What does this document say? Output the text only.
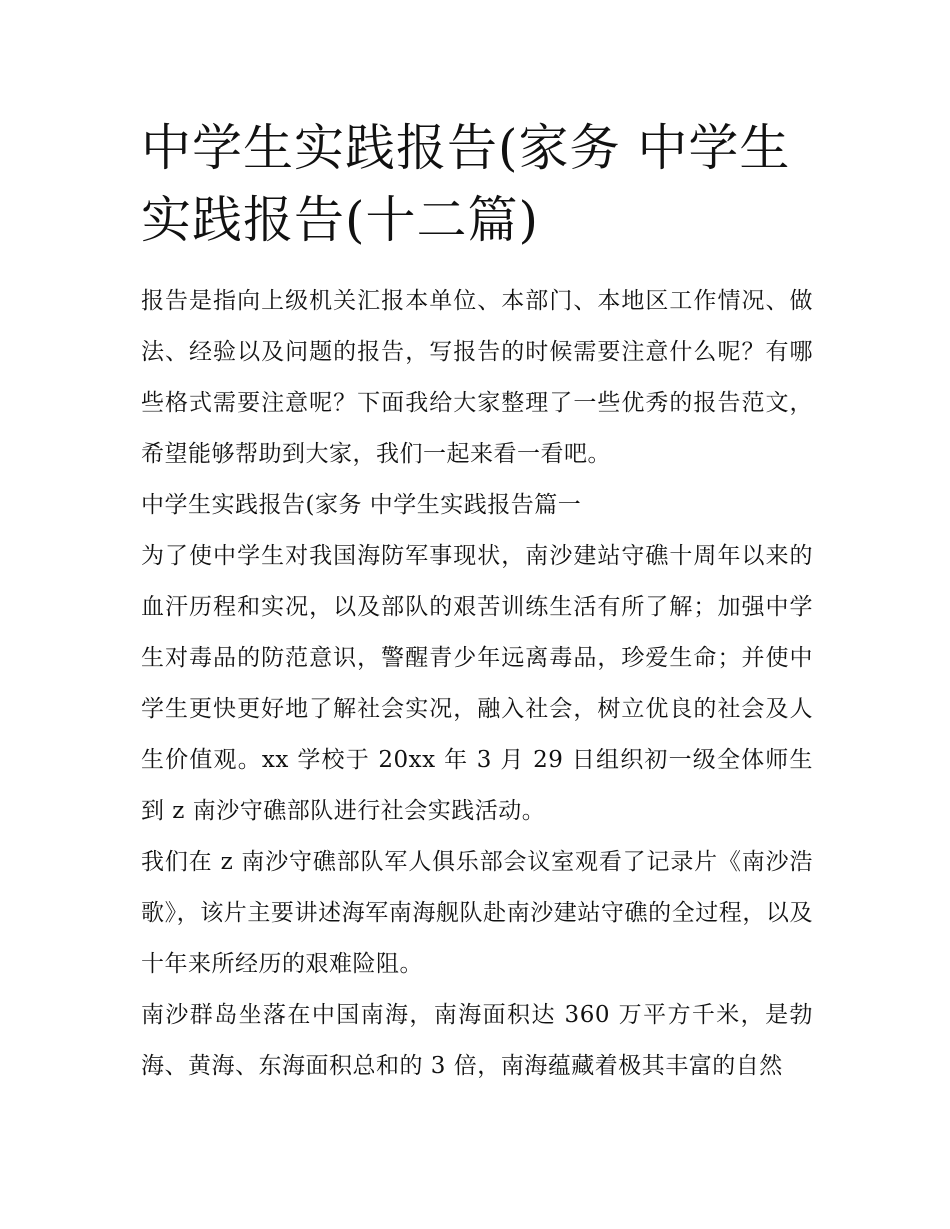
中学生实践报告(家务 中学生实践报告(十二篇)

报告是指向上级机关汇报本单位、本部门、本地区工作情况、做法、经验以及问题的报告，写报告的时候需要注意什么呢？有哪些格式需要注意呢？下面我给大家整理了一些优秀的报告范文，希望能够帮助到大家，我们一起来看一看吧。

中学生实践报告(家务 中学生实践报告篇一

为了使中学生对我国海防军事现状，南沙建站守礁十周年以来的血汗历程和实况，以及部队的艰苦训练生活有所了解；加强中学生对毒品的防范意识，警醒青少年远离毒品，珍爱生命；并使中学生更快更好地了解社会实况，融入社会，树立优良的社会及人生价值观。xx 学校于 20xx 年 3 月 29 日组织初一级全体师生到 z 南沙守礁部队进行社会实践活动。

我们在 z 南沙守礁部队军人俱乐部会议室观看了记录片《南沙浩歌》，该片主要讲述海军南海舰队赴南沙建站守礁的全过程，以及十年来所经历的艰难险阻。

南沙群岛坐落在中国南海，南海面积达 360 万平方千米，是勃海、黄海、东海面积总和的 3 倍，南海蕴藏着极其丰富的自然
